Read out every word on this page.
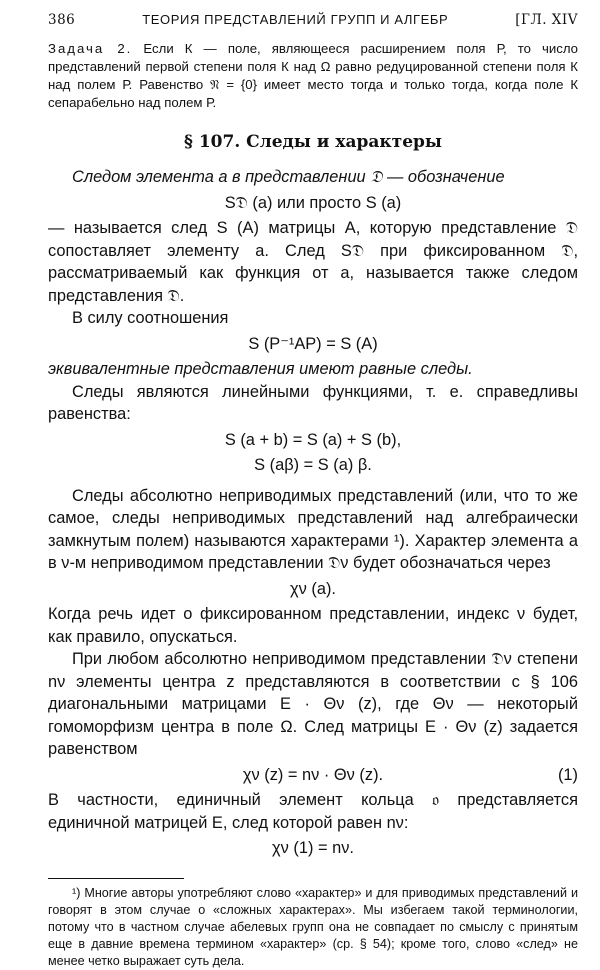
386	ТЕОРИЯ ПРЕДСТАВЛЕНИЙ ГРУПП И АЛГЕБР	[ГЛ. XIV

Задача 2. Если К — поле, являющееся расширением поля Р, то число представлений первой степени поля К над Ω равно редуцированной степени поля К над полем Р. Равенство 𝔑 = {0} имеет место тогда и только тогда, когда поле К сепарабельно над полем Р.

§ 107. Следы и характеры

Следом элемента a в представлении 𝔇 — обозначение

S𝔇 (a) или просто S (a)

— называется след S (A) матрицы A, которую представление 𝔇 сопоставляет элементу a. След S𝔇 при фиксированном 𝔇, рассматриваемый как функция от a, называется также следом представления 𝔇.

В силу соотношения

S (P⁻¹AP) = S (A)

эквивалентные представления имеют равные следы.

Следы являются линейными функциями, т. е. справедливы равенства:

S (a + b) = S (a) + S (b),
S (aβ) = S (a) β.

Следы абсолютно неприводимых представлений (или, что то же самое, следы неприводимых представлений над алгебраически замкнутым полем) называются характерами ¹). Характер элемента a в ν-м неприводимом представлении 𝔇ν будет обозначаться через

χν (a).

Когда речь идет о фиксированном представлении, индекс ν будет, как правило, опускаться.

При любом абсолютно неприводимом представлении 𝔇ν степени nν элементы центра z представляются в соответствии с § 106 диагональными матрицами E · Θν (z), где Θν — некоторый гомоморфизм центра в поле Ω. След матрицы E · Θν (z) задается равенством

χν (z) = nν · Θν (z).	(1)

В частности, единичный элемент кольца 𝔬 представляется единичной матрицей E, след которой равен nν:

χν (1) = nν.

¹) Многие авторы употребляют слово «характер» и для приводимых представлений и говорят в этом случае о «сложных характерах». Мы избегаем такой терминологии, потому что в частном случае абелевых групп она не совпадает по смыслу с принятым еще в давние времена термином «характер» (ср. § 54); кроме того, слово «след» не менее четко выражает суть дела.
